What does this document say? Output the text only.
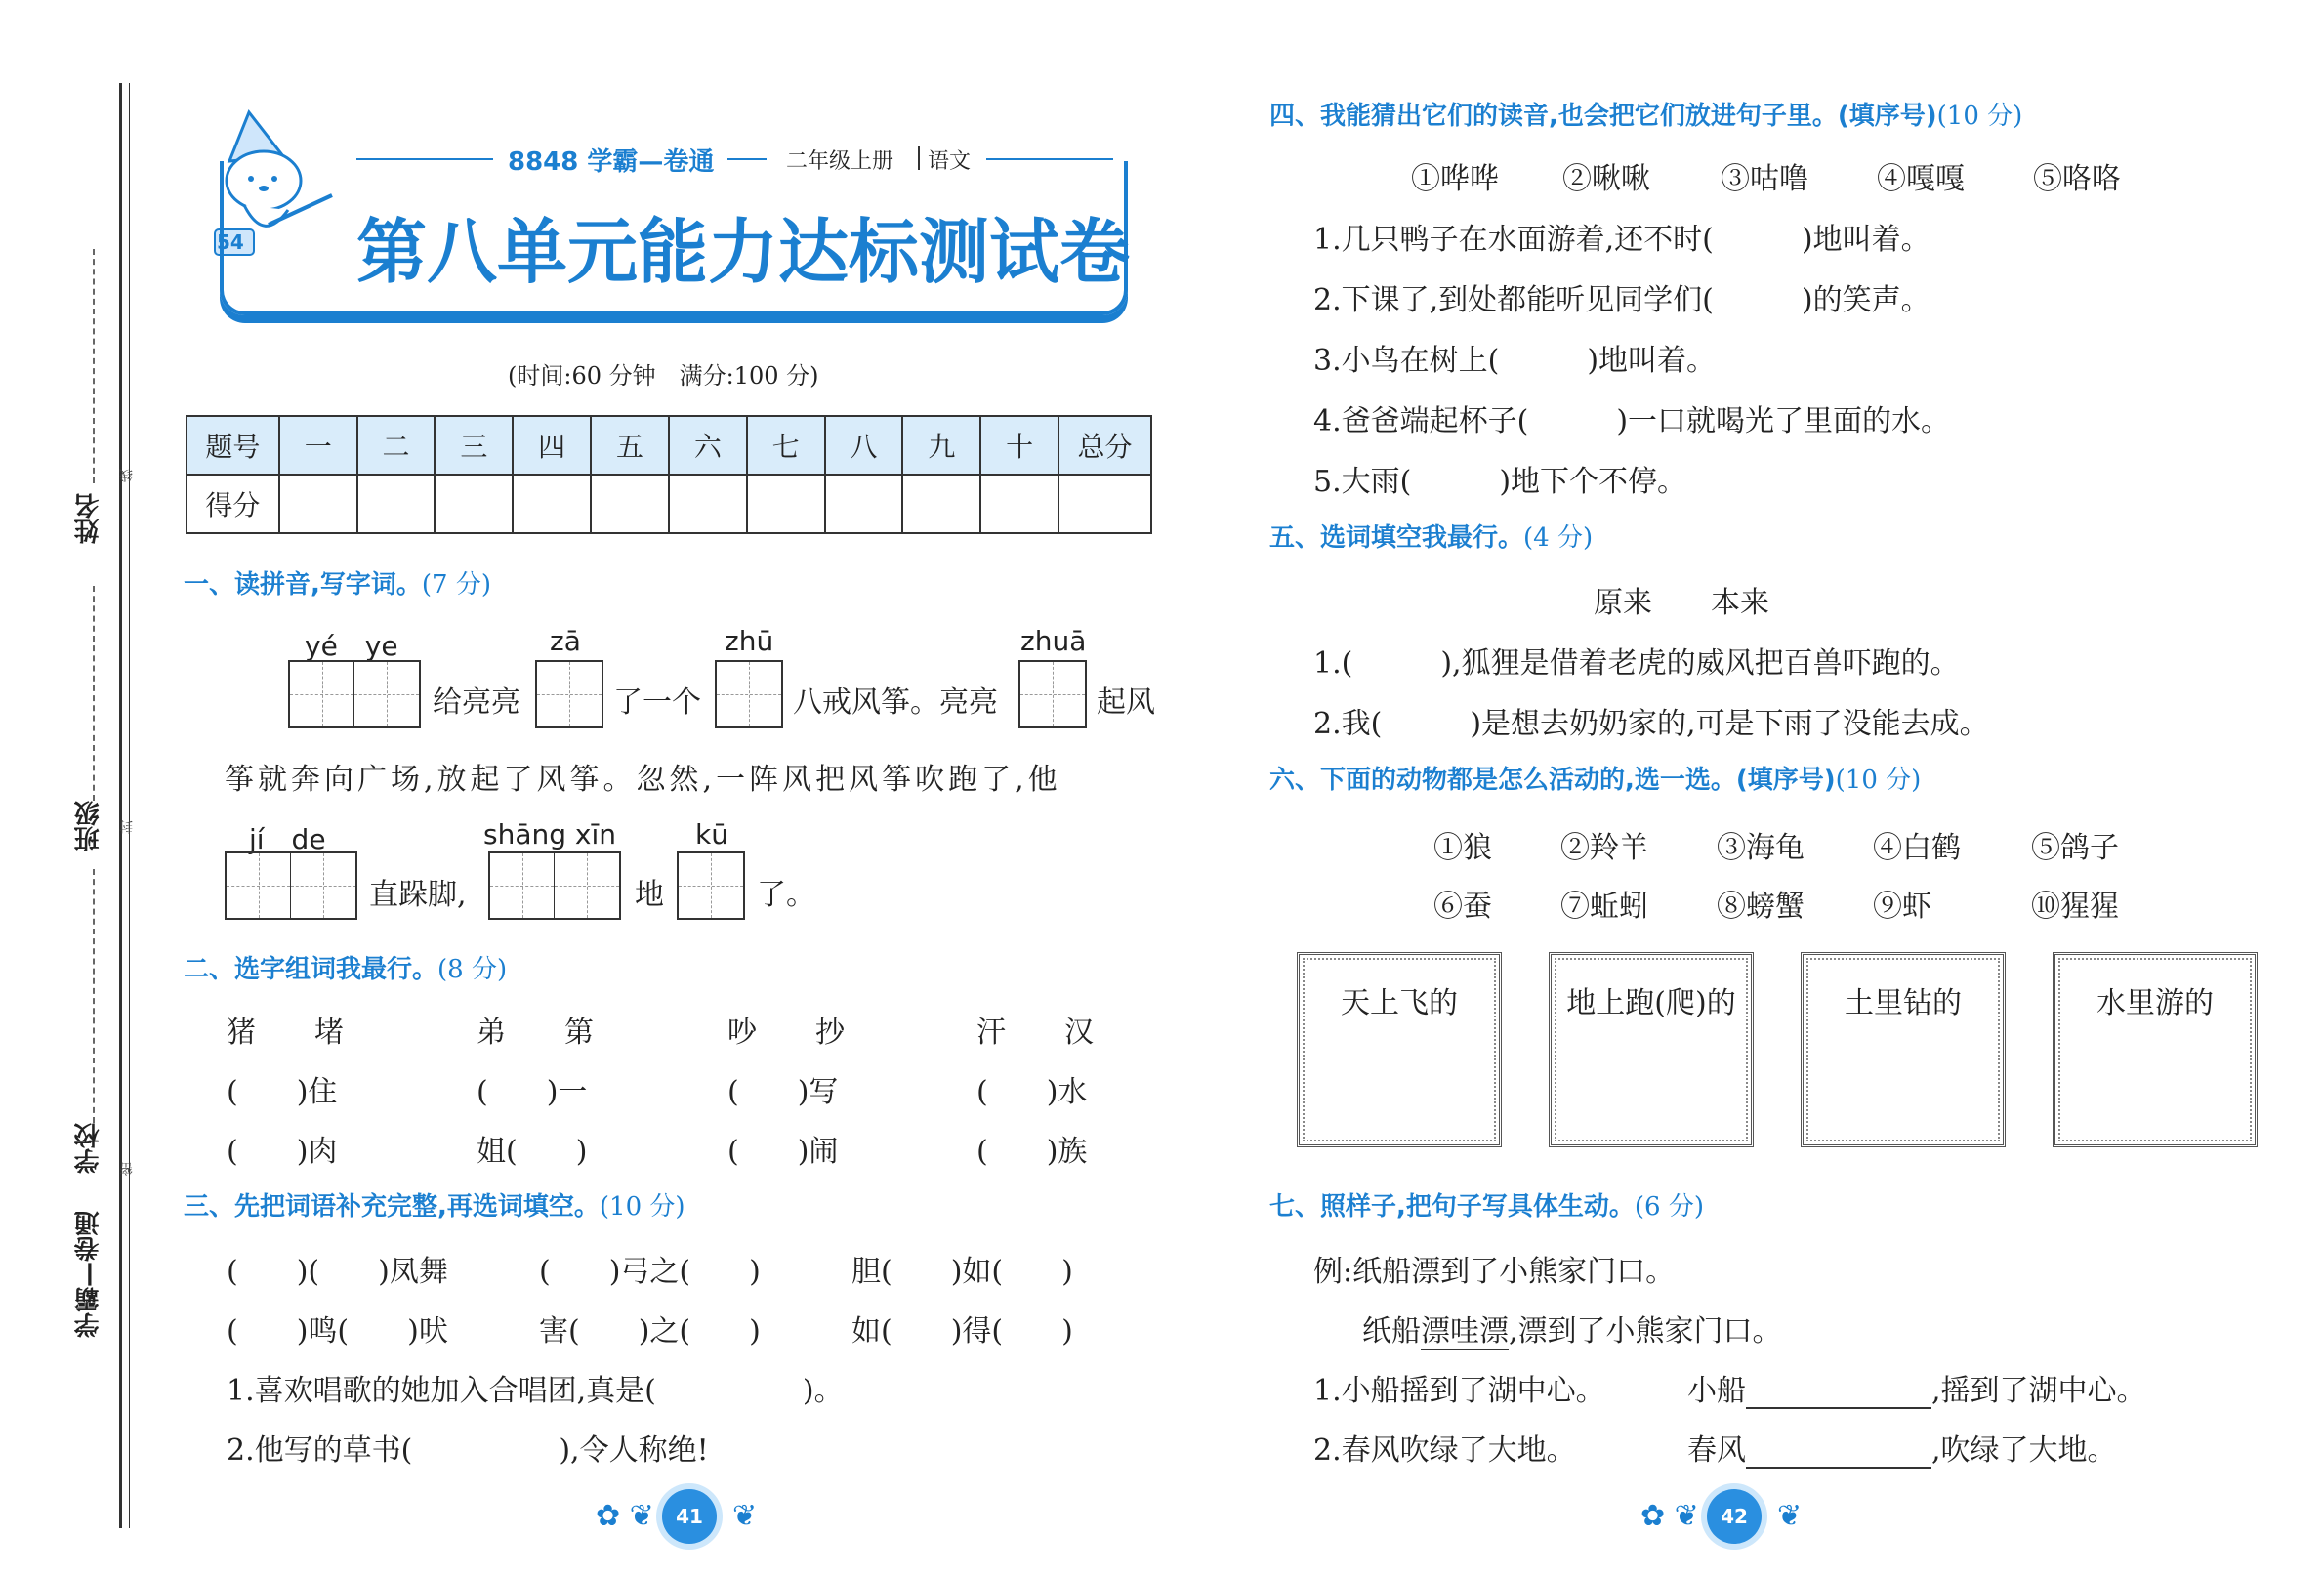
姓名
线
班级 封
学校 密
学霸—卷通
54
8848 学霸—卷通	二年级上册 语文
第八单元能力达标测试卷
(时间:60 分钟　满分:100 分)
题号	一	二	三	四	五	六	七	八	九	十	总分
得分											
一、读拼音,写字词。(7 分)
yé　ye
给亮亮
zā
了一个
zhū
八戒风筝。亮亮
zhuā
起风
筝就奔向广场,放起了风筝。忽然,一阵风把风筝吹跑了,他
jí　de
直跺脚,
shāng xīn
地
kū
了。
二、选字组词我最行。(8 分)
猪　　堵	弟　　第	吵　　抄	汗　　汉
(　　)住	(　　)一	(　　)写	(　　)水
(　　)肉	姐(　　)	(　　)闹	(　　)族
三、先把词语补充完整,再选词填空。(10 分)
(　　)(　　)凤舞	(　　)弓之(　　)	胆(　　)如(　　)
(　　)鸣(　　)吠	害(　　)之(　　)	如(　　)得(　　)
1.喜欢唱歌的她加入合唱团,真是(　　　　　)。
2.他写的草书(　　　　　),令人称绝!
✿ ❦	41	❦
四、我能猜出它们的读音,也会把它们放进句子里。(填序号)(10 分)
①哗哗 ②啾啾 ③咕噜 ④嘎嘎 ⑤咯咯
1.几只鸭子在水面游着,还不时(　　　)地叫着。
2.下课了,到处都能听见同学们(　　　)的笑声。
3.小鸟在树上(　　　)地叫着。
4.爸爸端起杯子(　　　)一口就喝光了里面的水。
5.大雨(　　　)地下个不停。
五、选词填空我最行。(4 分)
原来　　本来
1.(　　　),狐狸是借着老虎的威风把百兽吓跑的。
2.我(　　　)是想去奶奶家的,可是下雨了没能去成。
六、下面的动物都是怎么活动的,选一选。(填序号)(10 分)
①狼 ②羚羊 ③海龟 ④白鹤 ⑤鸽子
⑥蚕 ⑦蚯蚓 ⑧螃蟹 ⑨虾	⑩猩猩
天上飞的	地上跑(爬)的	土里钻的	水里游的
七、照样子,把句子写具体生动。(6 分)
例:纸船漂到了小熊家门口。
纸船漂哇漂,漂到了小熊家门口。
1.小船摇到了湖中心。	小船	,摇到了湖中心。
2.春风吹绿了大地。	春风	,吹绿了大地。
✿ ❦	42	❦
